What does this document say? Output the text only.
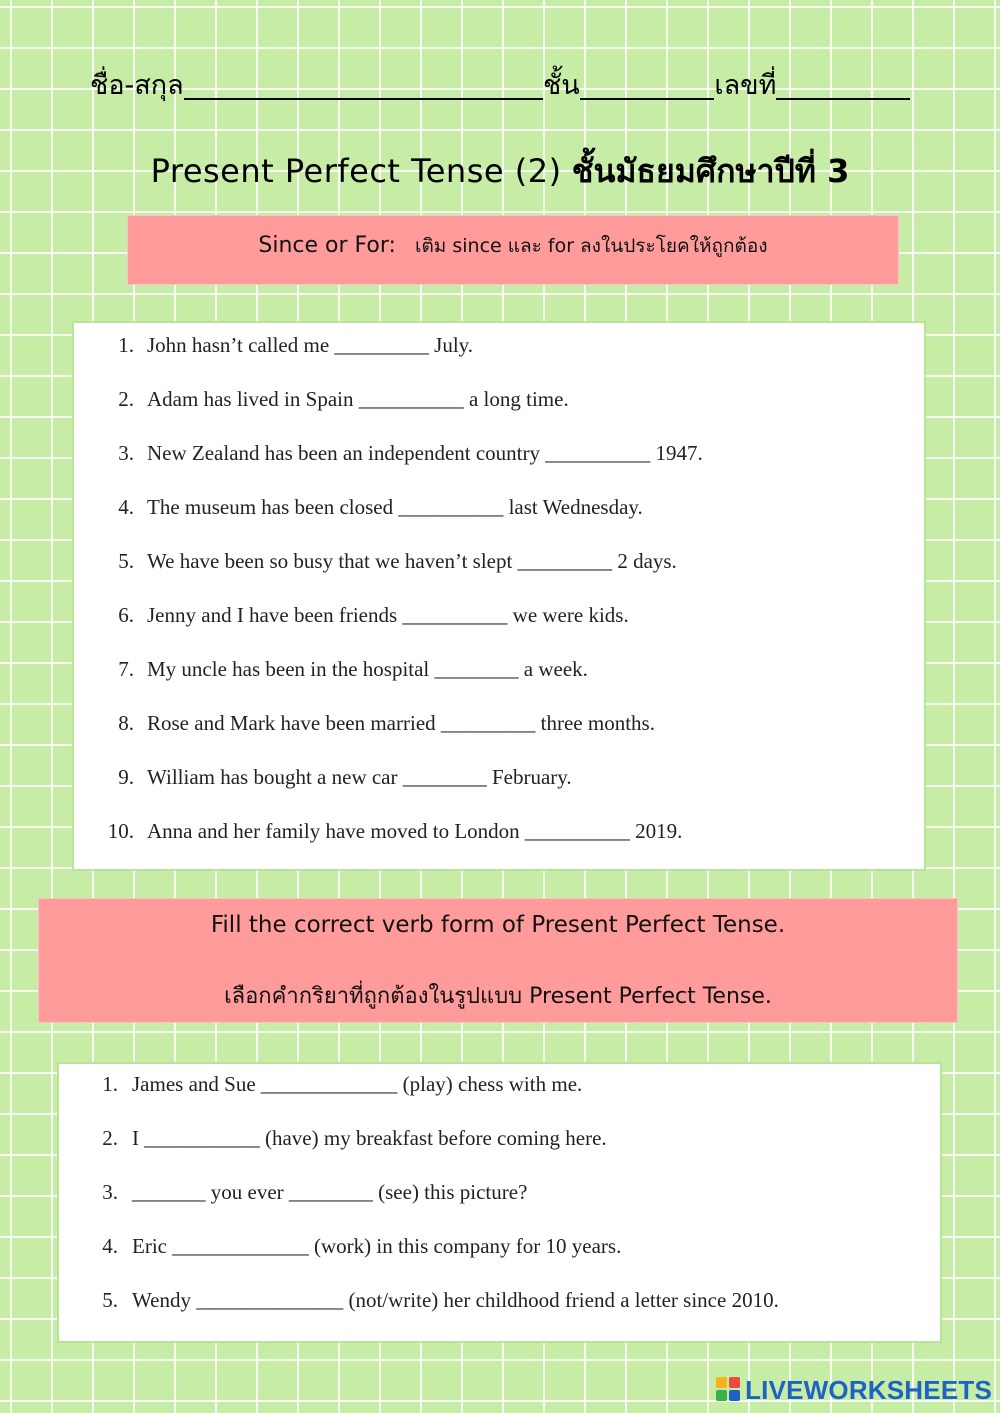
ชื่อ-สกุล	ชั้น	เลขที่
Present Perfect Tense (2) ชั้นมัธยมศึกษาปีที่ 3
Since or For: เติม since และ for ลงในประโยคให้ถูกต้อง
1. John hasn’t called me _________ July.
2. Adam has lived in Spain __________ a long time.
3. New Zealand has been an independent country __________ 1947.
4. The museum has been closed __________ last Wednesday.
5. We have been so busy that we haven’t slept _________ 2 days.
6. Jenny and I have been friends __________ we were kids.
7. My uncle has been in the hospital ________ a week.
8. Rose and Mark have been married _________ three months.
9. William has bought a new car ________ February.
10. Anna and her family have moved to London __________ 2019.
Fill the correct verb form of Present Perfect Tense.
เลือกคำกริยาที่ถูกต้องในรูปแบบ Present Perfect Tense.
1. James and Sue _____________ (play) chess with me.
2. I ___________ (have) my breakfast before coming here.
3. _______ you ever ________ (see) this picture?
4. Eric _____________ (work) in this company for 10 years.
5. Wendy ______________ (not/write) her childhood friend a letter since 2010.
LIVEWORKSHEETS
